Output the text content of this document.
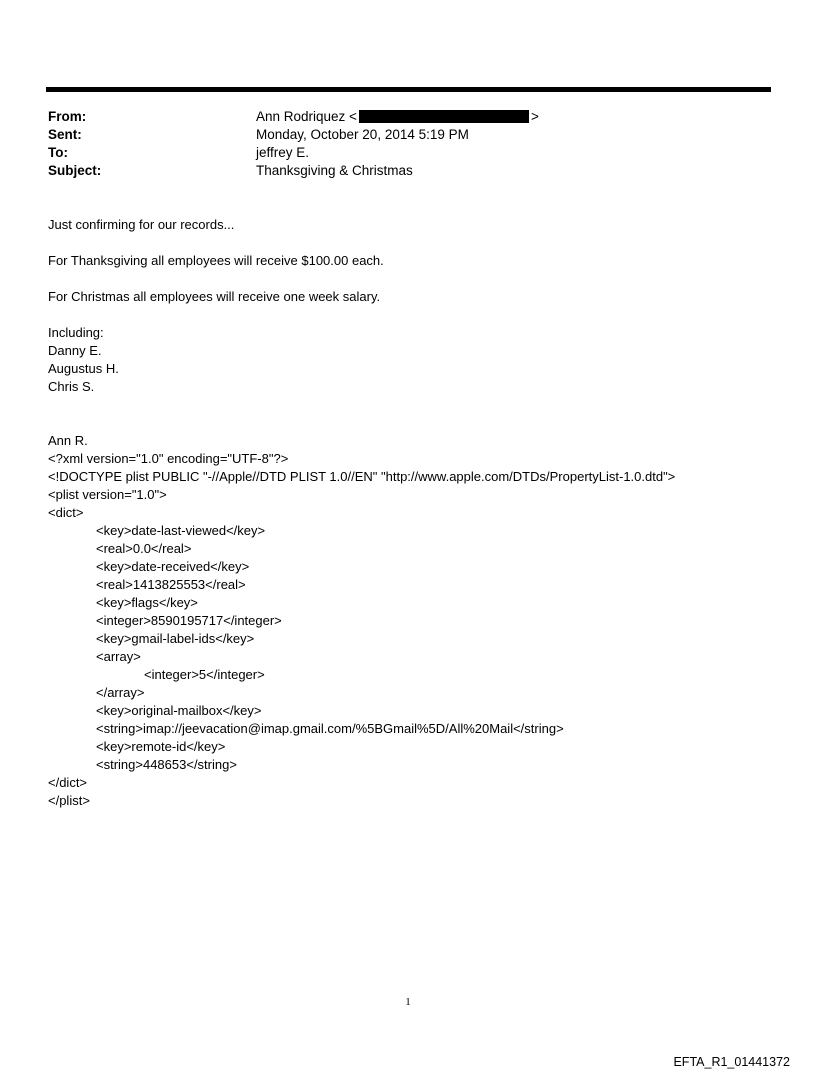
From:	Ann Rodriquez <	>
Sent:	Monday, October 20, 2014 5:19 PM
To:	jeffrey E.
Subject:	Thanksgiving & Christmas

Just confirming for our records...

For Thanksgiving all employees will receive $100.00 each.

For Christmas all employees will receive one week salary.

Including:

Danny E.

Augustus H.

Chris S.

Ann R.

<?xml version="1.0" encoding="UTF-8"?>

<!DOCTYPE plist PUBLIC "-//Apple//DTD PLIST 1.0//EN" "http://www.apple.com/DTDs/PropertyList-1.0.dtd">

<plist version="1.0">

<dict>

<key>date-last-viewed</key>

<real>0.0</real>

<key>date-received</key>

<real>1413825553</real>

<key>flags</key>

<integer>8590195717</integer>

<key>gmail-label-ids</key>

<array>

<integer>5</integer>

</array>

<key>original-mailbox</key>

<string>imap://jeevacation@imap.gmail.com/%5BGmail%5D/All%20Mail</string>

<key>remote-id</key>

<string>448653</string>

</dict>

</plist>

1
EFTA_R1_01441372
